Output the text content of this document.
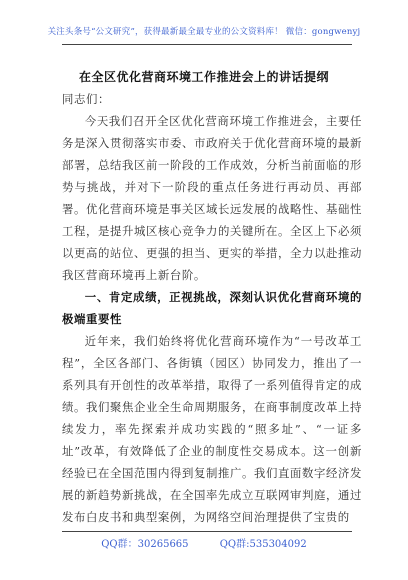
关注头条号“公文研究”，获得最新最全最专业的公文资料库！ 微信：gongwenyj
在全区优化营商环境工作推进会上的讲话提纲

同志们：

今天我们召开全区优化营商环境工作推进会，主要任务是深入贯彻落实市委、市政府关于优化营商环境的最新部署，总结我区前一阶段的工作成效，分析当前面临的形势与挑战，并对下一阶段的重点任务进行再动员、再部署。优化营商环境是事关区域长远发展的战略性、基础性工程，是提升城区核心竞争力的关键所在。全区上下必须以更高的站位、更强的担当、更实的举措，全力以赴推动我区营商环境再上新台阶。

一、肯定成绩，正视挑战，深刻认识优化营商环境的极端重要性

近年来，我们始终将优化营商环境作为“一号改革工程”，全区各部门、各街镇（园区）协同发力，推出了一系列具有开创性的改革举措，取得了一系列值得肯定的成绩。我们聚焦企业全生命周期服务，在商事制度改革上持续发力，率先探索并成功实践的“照多址”、“一证多址”改革，有效降低了企业的制度性交易成本。这一创新经验已在全国范围内得到复制推广。我们直面数字经济发展的新趋势新挑战，在全国率先成立互联网审判庭，通过发布白皮书和典型案例，为网络空间治理提供了宝贵的

QQ群：30265665	QQ群:535304092
